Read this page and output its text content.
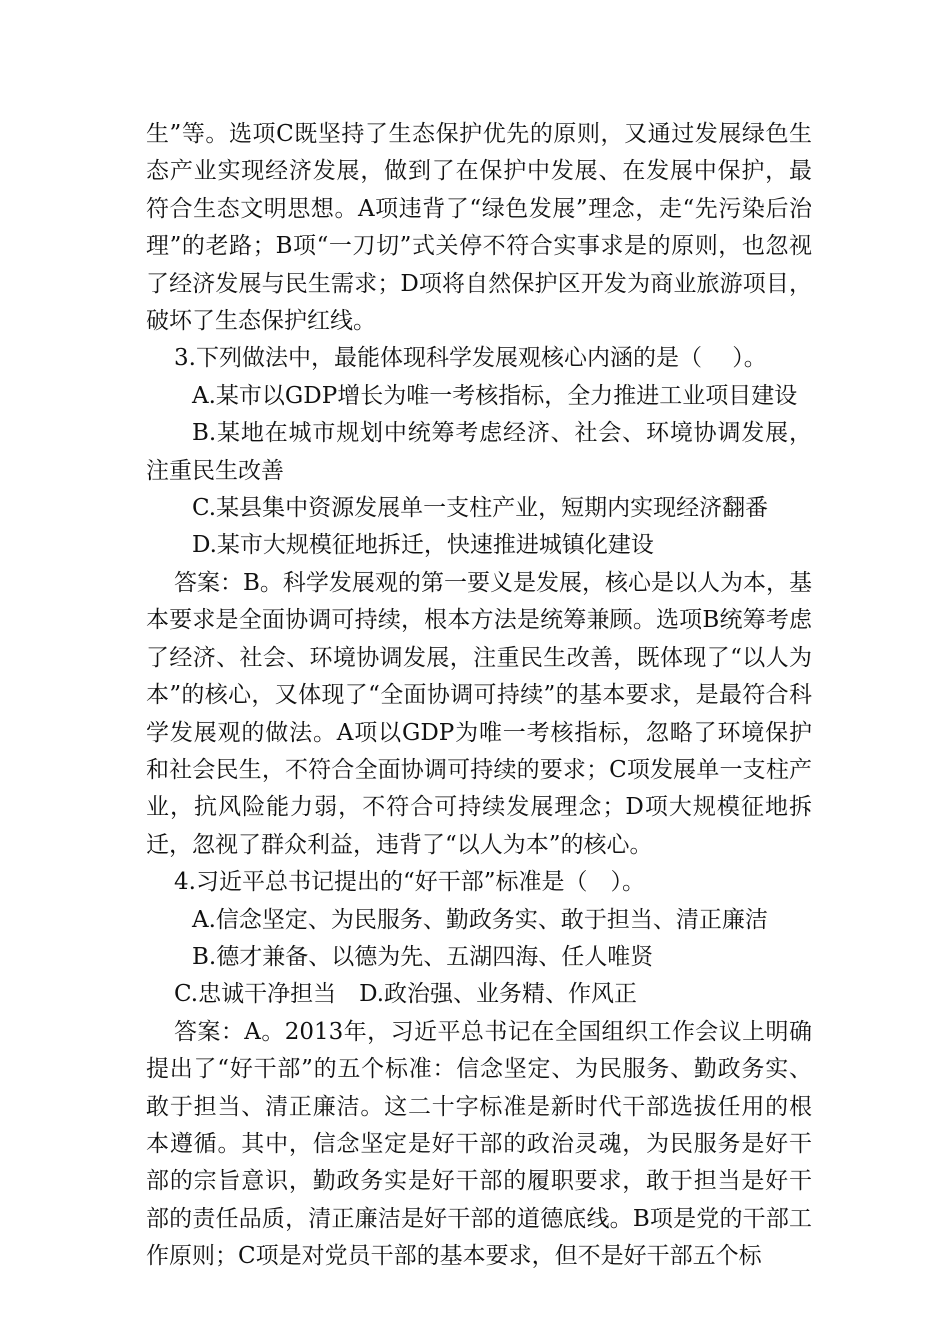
生”等。选项C既坚持了生态保护优先的原则，又通过发展绿色生态产业实现经济发展，做到了在保护中发展、在发展中保护，最符合生态文明思想。A项违背了“绿色发展”理念，走“先污染后治理”的老路；B项“一刀切”式关停不符合实事求是的原则，也忽视了经济发展与民生需求；D项将自然保护区开发为商业旅游项目，破坏了生态保护红线。

3.下列做法中，最能体现科学发展观核心内涵的是（　 ）。

A.某市以GDP增长为唯一考核指标，全力推进工业项目建设

B.某地在城市规划中统筹考虑经济、社会、环境协调发展，注重民生改善

C.某县集中资源发展单一支柱产业，短期内实现经济翻番

D.某市大规模征地拆迁，快速推进城镇化建设

答案：B。科学发展观的第一要义是发展，核心是以人为本，基本要求是全面协调可持续，根本方法是统筹兼顾。选项B统筹考虑了经济、社会、环境协调发展，注重民生改善，既体现了“以人为本”的核心，又体现了“全面协调可持续”的基本要求，是最符合科学发展观的做法。A项以GDP为唯一考核指标，忽略了环境保护和社会民生，不符合全面协调可持续的要求；C项发展单一支柱产业，抗风险能力弱，不符合可持续发展理念；D项大规模征地拆迁，忽视了群众利益，违背了“以人为本”的核心。

4.习近平总书记提出的“好干部”标准是（　）。

A.信念坚定、为民服务、勤政务实、敢于担当、清正廉洁

B.德才兼备、以德为先、五湖四海、任人唯贤

C.忠诚干净担当　D.政治强、业务精、作风正

答案：A。2013年，习近平总书记在全国组织工作会议上明确提出了“好干部”的五个标准：信念坚定、为民服务、勤政务实、敢于担当、清正廉洁。这二十字标准是新时代干部选拔任用的根本遵循。其中，信念坚定是好干部的政治灵魂，为民服务是好干部的宗旨意识，勤政务实是好干部的履职要求，敢于担当是好干部的责任品质，清正廉洁是好干部的道德底线。B项是党的干部工作原则；C项是对党员干部的基本要求，但不是好干部五个标
